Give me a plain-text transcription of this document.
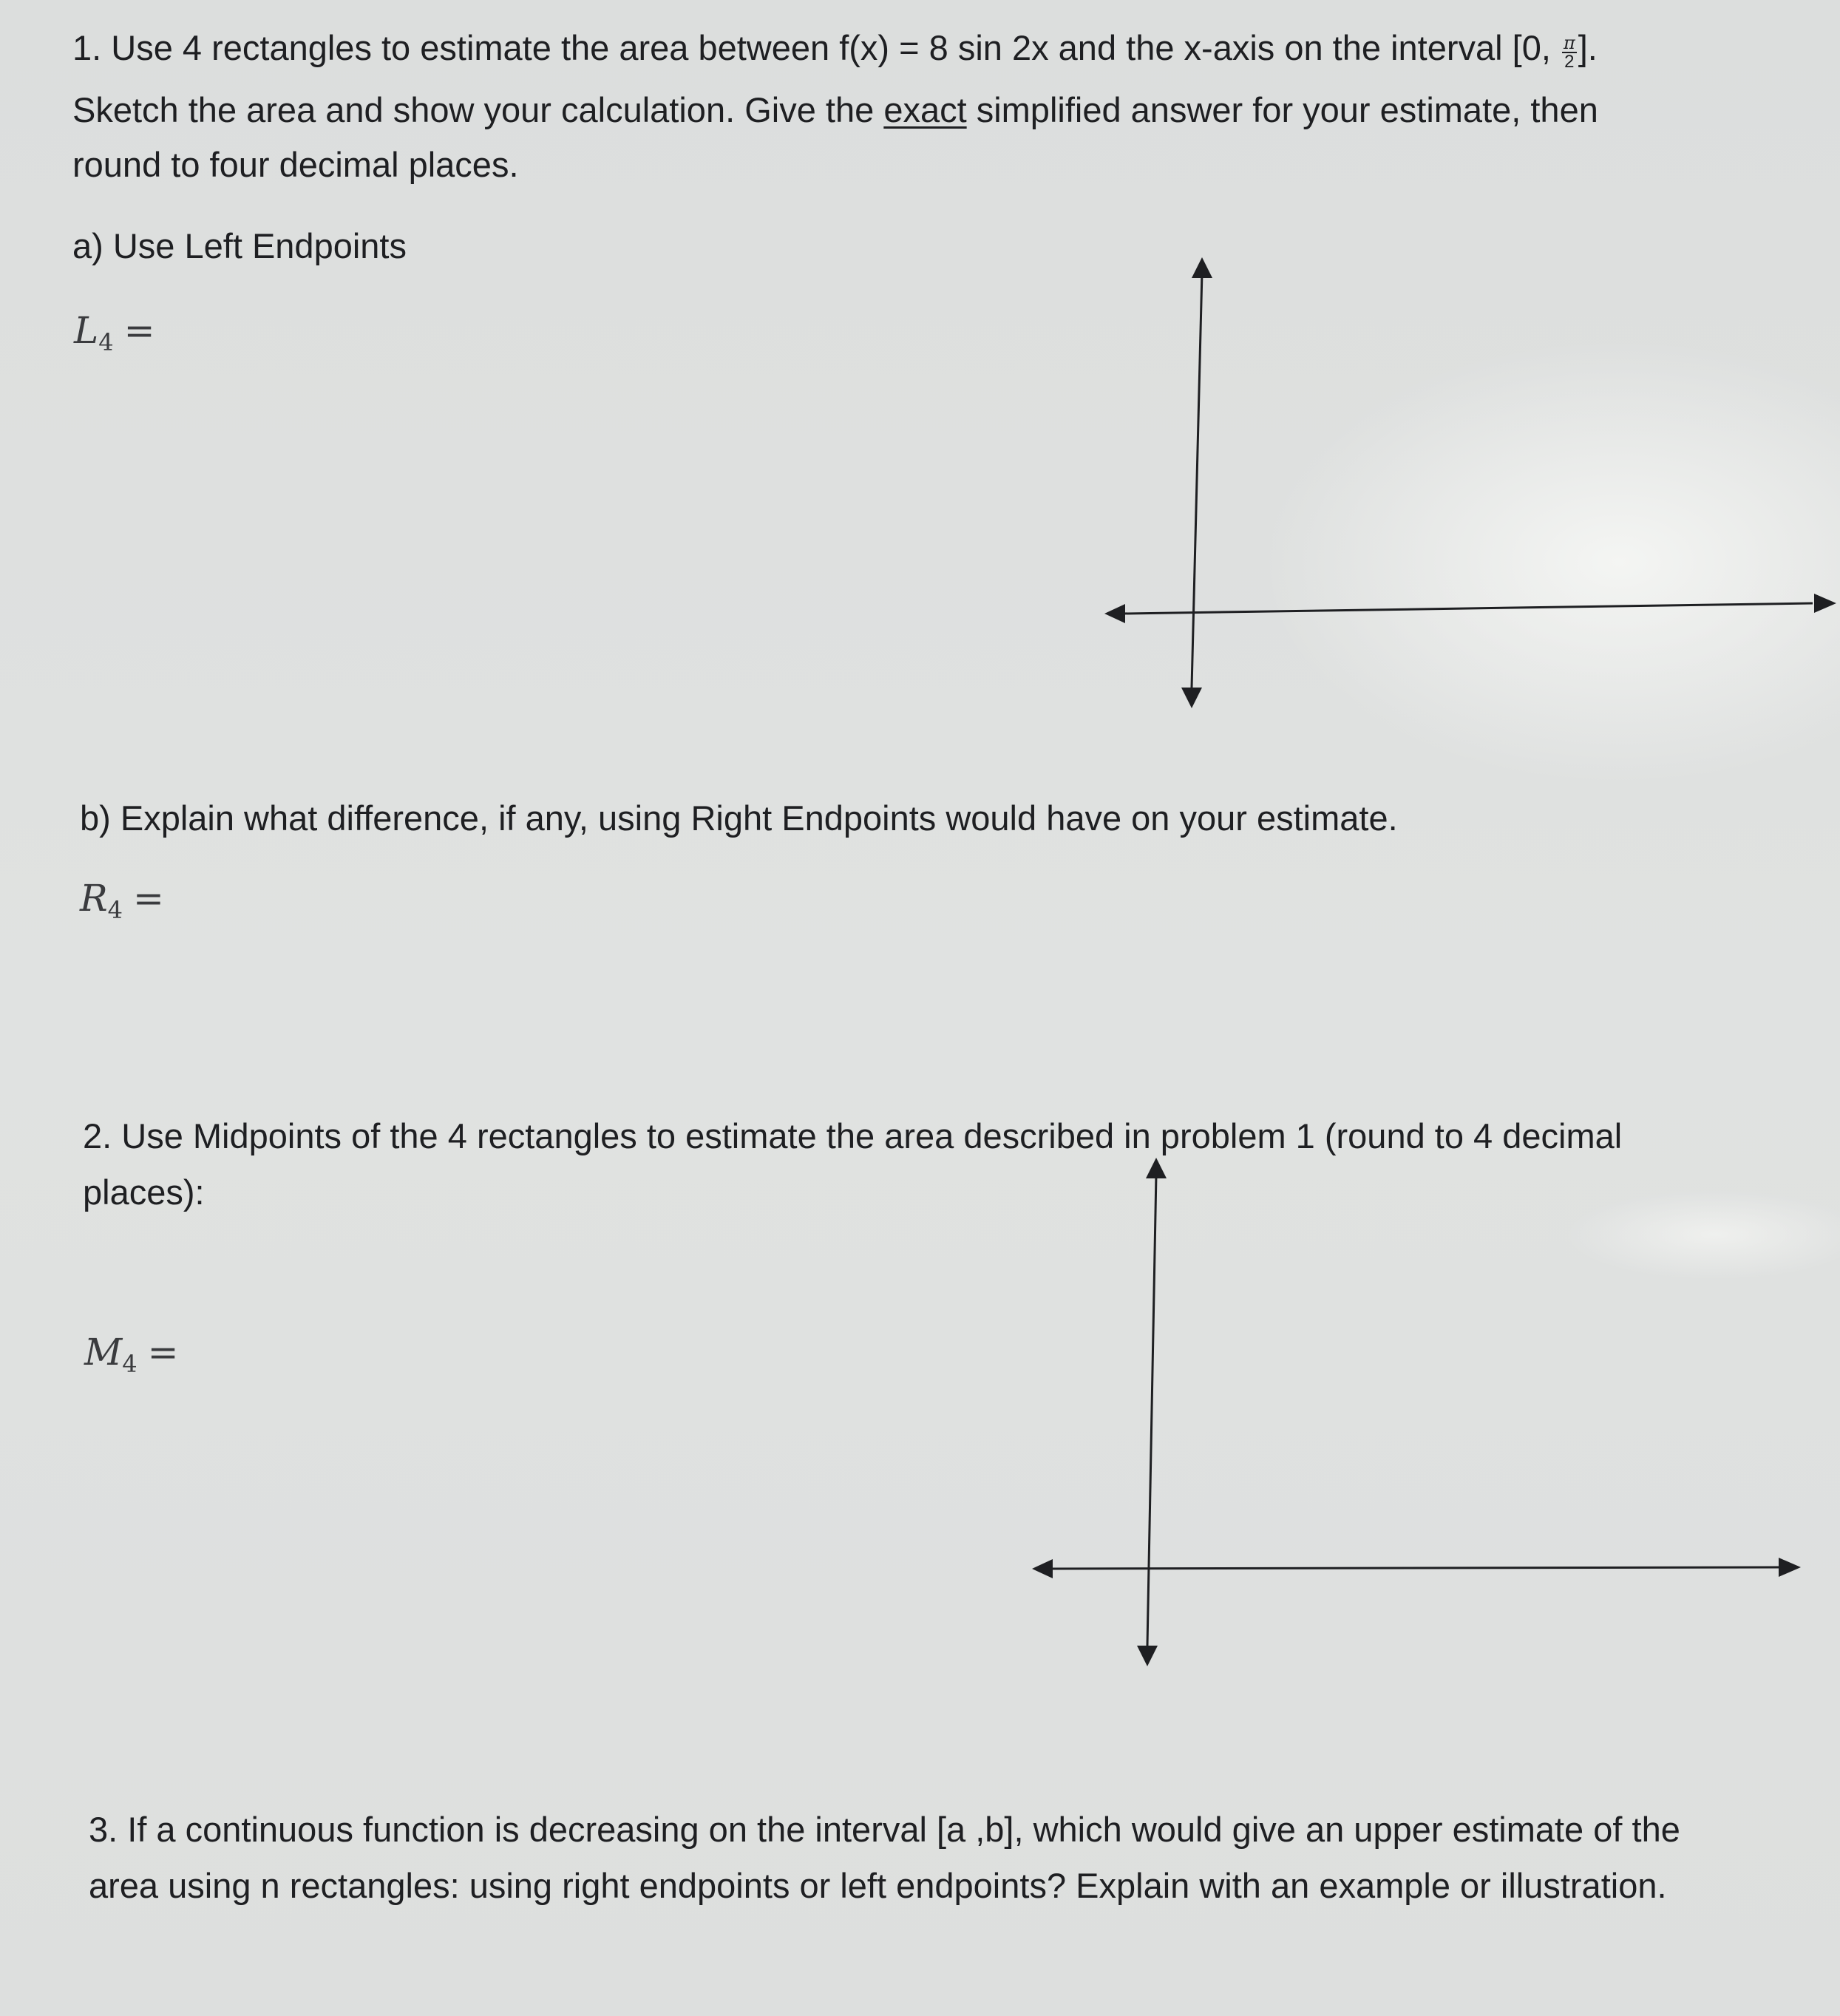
1. Use 4 rectangles to estimate the area between f(x) = 8 sin 2x and the x-axis on the interval [0, $\frac{\pi}{2}$ ].
Sketch the area and show your calculation. Give the exact simplified answer for your estimate, then
round to four decimal places.
a) Use Left Endpoints
$L_4$ =
b) Explain what difference, if any, using Right Endpoints would have on your estimate.
$R_4$ =
2. Use Midpoints of the 4 rectangles to estimate the area described in problem 1 (round to 4 decimal
places):
$M_4$ =
3. If a continuous function is decreasing on the interval [a ,b], which would give an upper estimate of the
area using n rectangles: using right endpoints or left endpoints? Explain with an example or illustration.
